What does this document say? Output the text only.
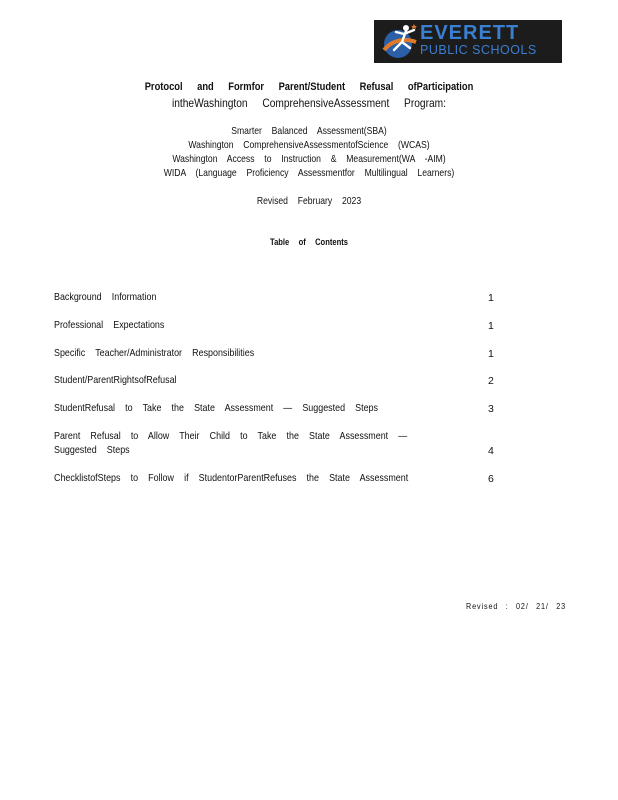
EVERETT
PUBLIC SCHOOLS
Protocol and Formfor Parent/Student Refusal ofParticipation
intheWashington ComprehensiveAssessment Program:
Smarter Balanced Assessment(SBA)
Washington ComprehensiveAssessmentofScience (WCAS)
Washington Access to Instruction & Measurement(WA -AIM)
WIDA (Language Proficiency Assessmentfor Multilingual Learners)
Revised February 2023
Table of Contents
Background Information	1
Professional Expectations	1
Specific Teacher/Administrator Responsibilities	1
Student/ParentRightsofRefusal	2
StudentRefusal to Take the State Assessment — Suggested Steps	3
Parent Refusal to Allow Their Child to Take the State Assessment —
Suggested Steps	4
ChecklistofSteps to Follow if StudentorParentRefuses the State Assessment	6
Revised : 02/ 21/ 23
